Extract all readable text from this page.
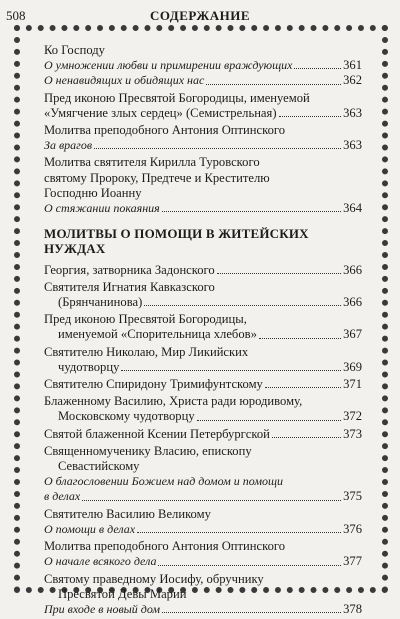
508	СОДЕРЖАНИЕ
Ко Господу
О умножении любви и примирении враждующих	361
О ненавидящих и обидящих нас	362
Пред иконою Пресвятой Богородицы, именуемой
«Умягчение злых сердец» (Семистрельная)	363
Молитва преподобного Антония Оптинского
За врагов	363
Молитва святителя Кирилла Туровского
святому Пророку, Предтече и Крестителю
Господню Иоанну
О стяжании покаяния	364
МОЛИТВЫ О ПОМОЩИ В ЖИТЕЙСКИХ НУЖДАХ
Георгия, затворника Задонского	366
Святителя Игнатия Кавказского
(Брянчанинова)	366
Пред иконою Пресвятой Богородицы,
именуемой «Спорительница хлебов»	367
Святителю Николаю, Мир Ликийских
чудотворцу	369
Святителю Спиридону Тримифунтскому	371
Блаженному Василию, Христа ради юродивому,
Московскому чудотворцу	372
Святой блаженной Ксении Петербургской	373
Священномученику Власию, епископу
Севастийскому
О благословении Божием над домом и помощи
в делах	375
Святителю Василию Великому
О помощи в делах	376
Молитва преподобного Антония Оптинского
О начале всякого дела	377
Святому праведному Иосифу, обручнику
Пресвятой Девы Марии
При входе в новый дом	378
